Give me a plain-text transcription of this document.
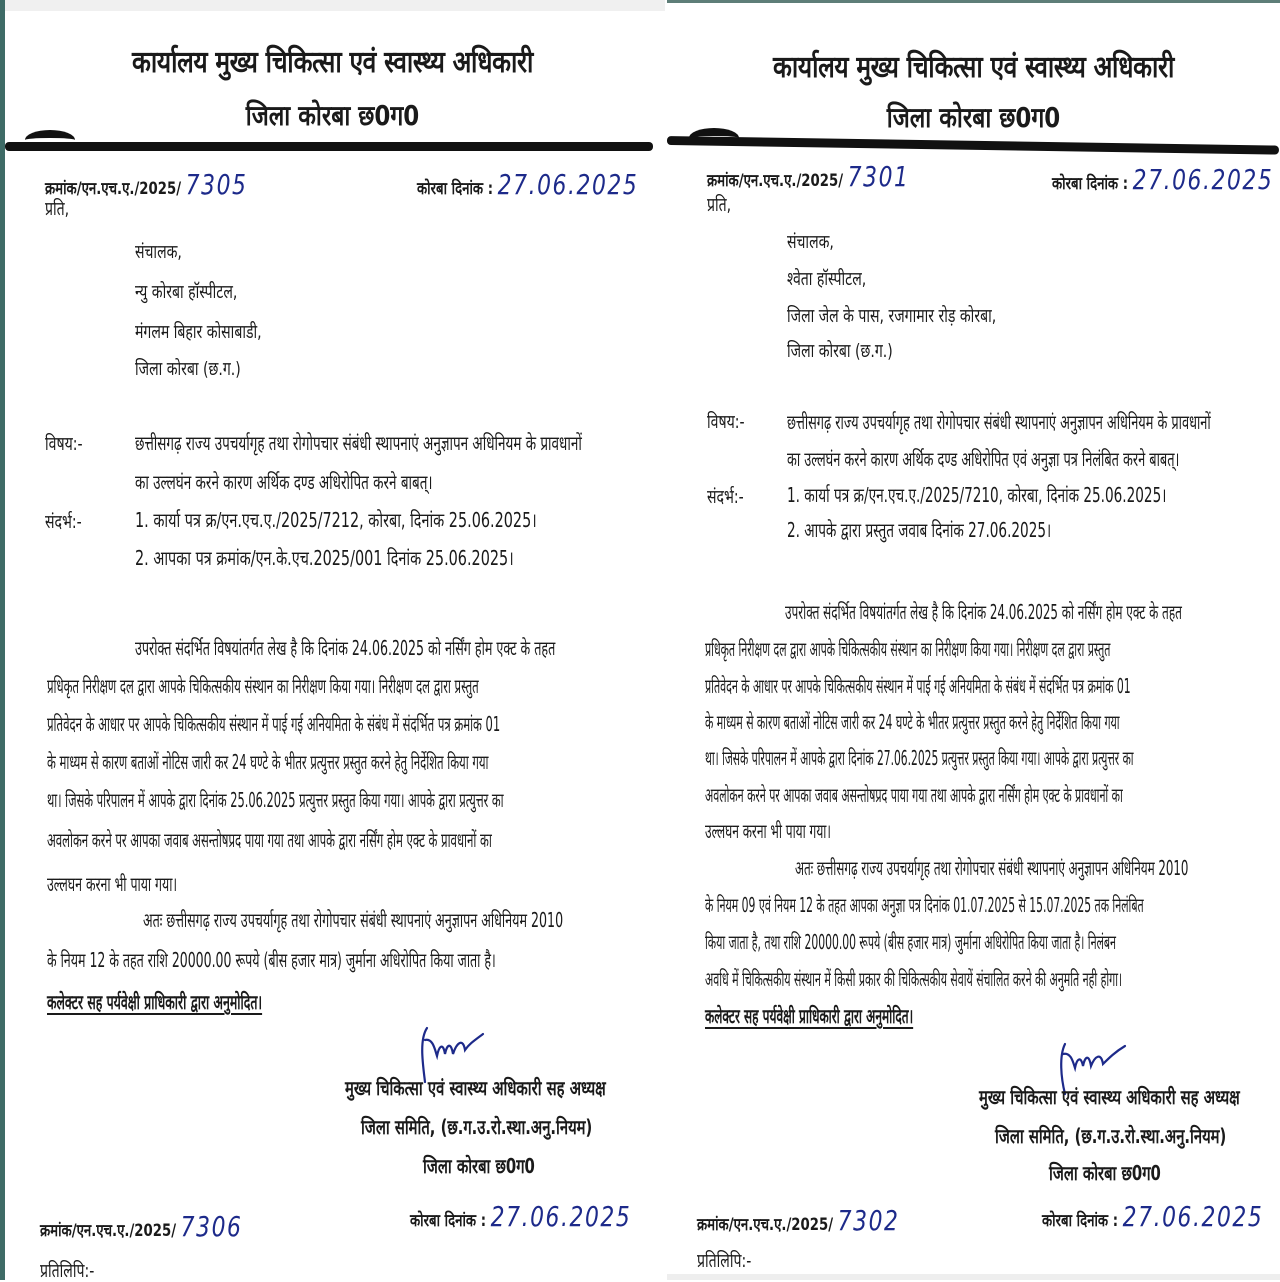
कार्यालय मुख्य चिकित्सा एवं स्वास्थ्य अधिकारी
जिला कोरबा छ0ग0
क्रमांक/एन.एच.ए./2025/ 7305	कोरबा दिनांक : 27.06.2025
प्रति,
संचालक,
न्यु कोरबा हॉस्पीटल,
मंगलम बिहार कोसाबाडी,
जिला कोरबा (छ.ग.)
विषय:-	छत्तीसगढ़ राज्य उपचर्यागृह तथा रोगोपचार संबंधी स्थापनाएं अनुज्ञापन अधिनियम के प्रावधानों
का उल्लघंन करने कारण अर्थिक दण्ड अधिरोपित करने बाबत्।
संदर्भ:-	1. कार्या पत्र क्र/एन.एच.ए./2025/7212, कोरबा, दिनांक 25.06.2025।
2. आपका पत्र क्रमांक/एन.के.एच.2025/001 दिनांक 25.06.2025।
उपरोक्त संदर्भित विषयांतर्गत लेख है कि दिनांक 24.06.2025 को नर्सिंग होम एक्ट के तहत
प्रधिकृत निरीक्षण दल द्वारा आपके चिकित्सकीय संस्थान का निरीक्षण किया गया। निरीक्षण दल द्वारा प्रस्तुत
प्रतिवेदन के आधार पर आपके चिकित्सकीय संस्थान में पाई गई अनियमिता के संबंध में संदर्भित पत्र क्रमांक 01
के माध्यम से कारण बताओं नोटिस जारी कर 24 घण्टे के भीतर प्रत्युत्तर प्रस्तुत करने हेतु निर्देशित किया गया
था। जिसके परिपालन में आपके द्वारा दिनांक 25.06.2025 प्रत्युत्तर प्रस्तुत किया गया। आपके द्वारा प्रत्युत्तर का
अवलोकन करने पर आपका जवाब असन्तोषप्रद पाया गया तथा आपके द्वारा नर्सिंग होम एक्ट के प्रावधानों का
उल्लघन करना भी पाया गया।
अतः छत्तीसगढ़ राज्य उपचर्यागृह तथा रोगोपचार संबंधी स्थापनाएं अनुज्ञापन अधिनियम 2010
के नियम 12 के तहत राशि 20000.00 रूपये (बीस हजार मात्र) जुर्माना अधिरोपित किया जाता है।
कलेक्टर सह पर्यवेक्षी प्राधिकारी द्वारा अनुमोदित।
मुख्य चिकित्सा एवं स्वास्थ्य अधिकारी सह अध्यक्ष
जिला समिति, (छ.ग.उ.रो.स्था.अनु.नियम)
जिला कोरबा छ0ग0
क्रमांक/एन.एच.ए./2025/ 7306	कोरबा दिनांक : 27.06.2025
प्रतिलिपि:-
कार्यालय मुख्य चिकित्सा एवं स्वास्थ्य अधिकारी
जिला कोरबा छ0ग0
क्रमांक/एन.एच.ए./2025/ 7301	कोरबा दिनांक : 27.06.2025
प्रति,
संचालक,
श्वेता हॉस्पीटल,
जिला जेल के पास, रजगामार रोड़ कोरबा,
जिला कोरबा (छ.ग.)
विषय:- छत्तीसगढ़ राज्य उपचर्यागृह तथा रोगोपचार संबंधी स्थापनाएं अनुज्ञापन अधिनियम के प्रावधानों
का उल्लघंन करने कारण अर्थिक दण्ड अधिरोपित एवं अनुज्ञा पत्र निलंबित करने बाबत्।
संदर्भ:- 1. कार्या पत्र क्र/एन.एच.ए./2025/7210, कोरबा, दिनांक 25.06.2025।
2. आपके द्वारा प्रस्तुत जवाब दिनांक 27.06.2025।
उपरोक्त संदर्भित विषयांतर्गत लेख है कि दिनांक 24.06.2025 को नर्सिंग होम एक्ट के तहत
प्रधिकृत निरीक्षण दल द्वारा आपके चिकित्सकीय संस्थान का निरीक्षण किया गया। निरीक्षण दल द्वारा प्रस्तुत
प्रतिवेदन के आधार पर आपके चिकित्सकीय संस्थान में पाई गई अनियमिता के संबंध में संदर्भित पत्र क्रमांक 01
के माध्यम से कारण बताओं नोटिस जारी कर 24 घण्टे के भीतर प्रत्युत्तर प्रस्तुत करने हेतु निर्देशित किया गया
था। जिसके परिपालन में आपके द्वारा दिनांक 27.06.2025 प्रत्युत्तर प्रस्तुत किया गया। आपके द्वारा प्रत्युत्तर का
अवलोकन करने पर आपका जवाब असन्तोषप्रद पाया गया तथा आपके द्वारा नर्सिंग होम एक्ट के प्रावधानों का
उल्लघन करना भी पाया गया।
अतः छत्तीसगढ़ राज्य उपचर्यागृह तथा रोगोपचार संबंधी स्थापनाएं अनुज्ञापन अधिनियम 2010
के नियम 09 एवं नियम 12 के तहत आपका अनुज्ञा पत्र दिनांक 01.07.2025 से 15.07.2025 तक निलंबित
किया जाता है, तथा राशि 20000.00 रूपये (बीस हजार मात्र) जुर्माना अधिरोपित किया जाता है। निलंबन
अवधि में चिकित्सकीय संस्थान में किसी प्रकार की चिकित्सकीय सेवायें संचालित करने की अनुमति नही होगा।
कलेक्टर सह पर्यवेक्षी प्राधिकारी द्वारा अनुमोदित।
मुख्य चिकित्सा एवं स्वास्थ्य अधिकारी सह अध्यक्ष
जिला समिति, (छ.ग.उ.रो.स्था.अनु.नियम)
जिला कोरबा छ0ग0
क्रमांक/एन.एच.ए./2025/ 7302	कोरबा दिनांक : 27.06.2025
प्रतिलिपि:-
